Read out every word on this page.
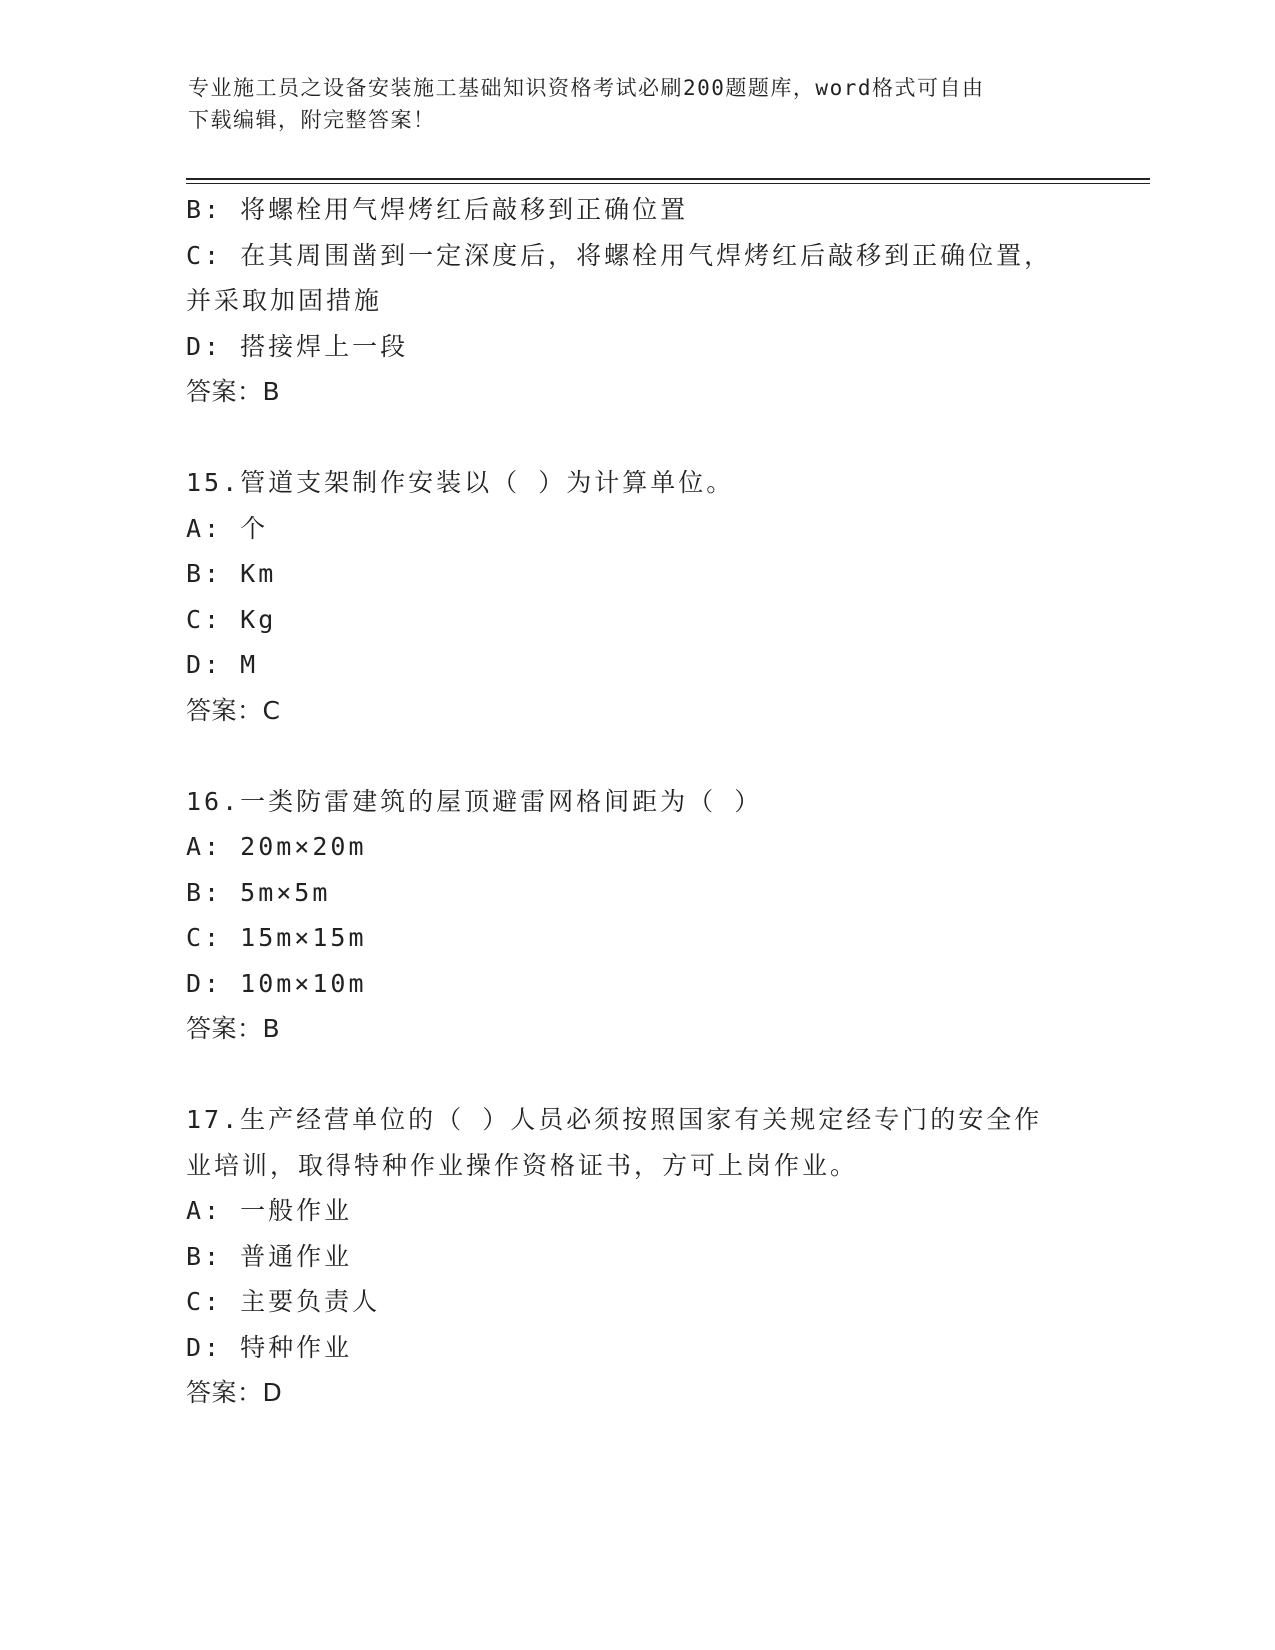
专业施工员之设备安装施工基础知识资格考试必刷200题题库，word格式可自由
下载编辑，附完整答案！
B: 将螺栓用气焊烤红后敲移到正确位置
C: 在其周围凿到一定深度后，将螺栓用气焊烤红后敲移到正确位置，
并采取加固措施
D: 搭接焊上一段
答案：B
15.管道支架制作安装以（ ）为计算单位。
A: 个
B: Km
C: Kg
D: M
答案：C
16.一类防雷建筑的屋顶避雷网格间距为（ ）
A: 20m×20m
B: 5m×5m
C: 15m×15m
D: 10m×10m
答案：B
17.生产经营单位的（ ）人员必须按照国家有关规定经专门的安全作
业培训，取得特种作业操作资格证书，方可上岗作业。
A: 一般作业
B: 普通作业
C: 主要负责人
D: 特种作业
答案：D
